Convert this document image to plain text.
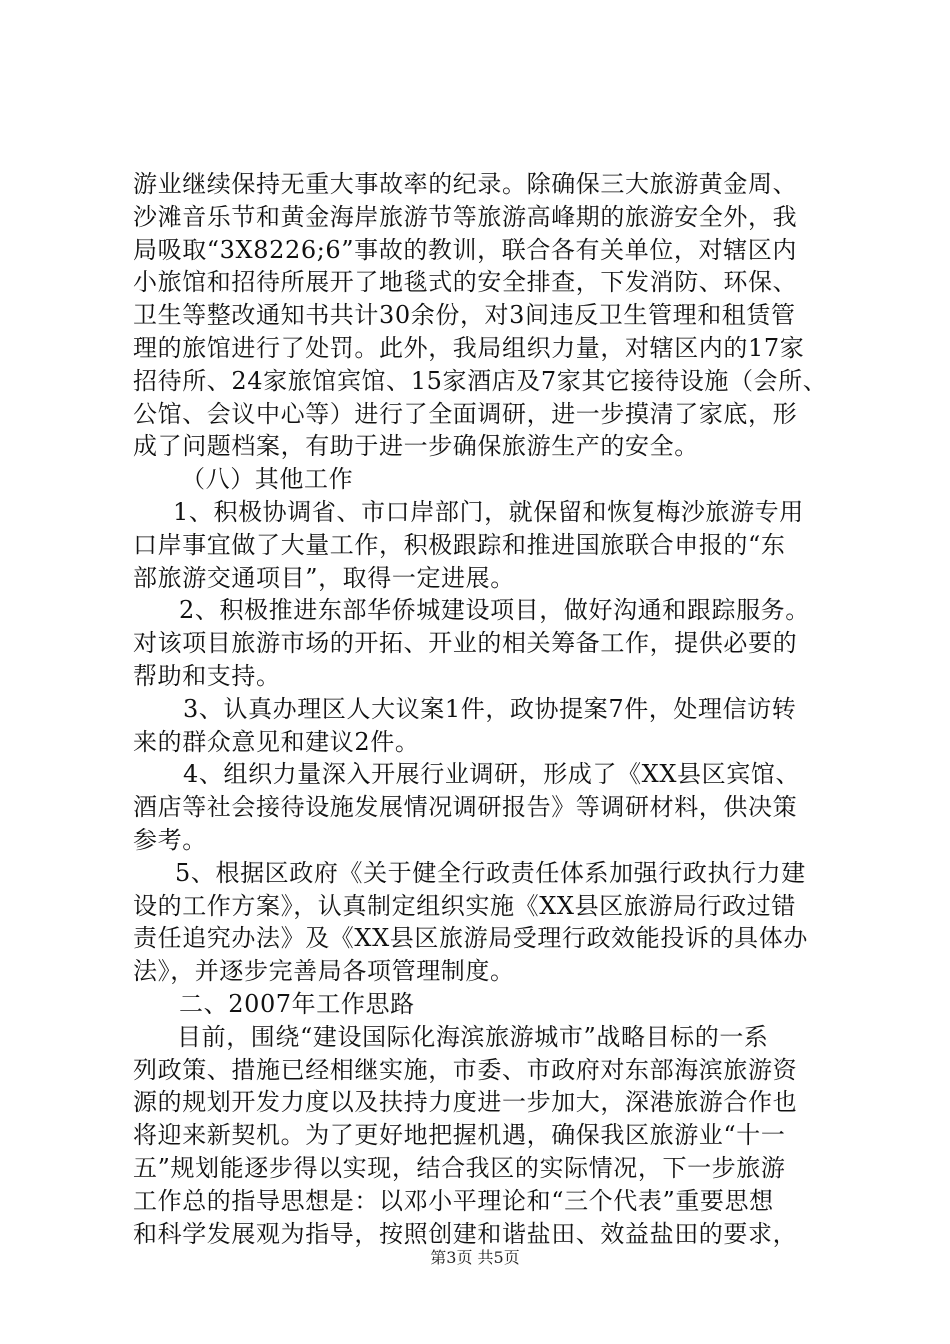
游业继续保持无重大事故率的纪录。除确保三大旅游黄金周、
沙滩音乐节和黄金海岸旅游节等旅游高峰期的旅游安全外，我
局吸取“3X8226;6”事故的教训，联合各有关单位，对辖区内
小旅馆和招待所展开了地毯式的安全排查，下发消防、环保、
卫生等整改通知书共计30余份，对3间违反卫生管理和租赁管
理的旅馆进行了处罚。此外，我局组织力量，对辖区内的17家
招待所、24家旅馆宾馆、15家酒店及7家其它接待设施（会所、
公馆、会议中心等）进行了全面调研，进一步摸清了家底，形
成了问题档案，有助于进一步确保旅游生产的安全。
（八）其他工作
1、积极协调省、市口岸部门，就保留和恢复梅沙旅游专用
口岸事宜做了大量工作，积极跟踪和推进国旅联合申报的“东
部旅游交通项目”，取得一定进展。
2、积极推进东部华侨城建设项目，做好沟通和跟踪服务。
对该项目旅游市场的开拓、开业的相关筹备工作，提供必要的
帮助和支持。
3、认真办理区人大议案1件，政协提案7件，处理信访转
来的群众意见和建议2件。
4、组织力量深入开展行业调研，形成了《XX县区宾馆、
酒店等社会接待设施发展情况调研报告》等调研材料，供决策
参考。
5、根据区政府《关于健全行政责任体系加强行政执行力建
设的工作方案》，认真制定组织实施《XX县区旅游局行政过错
责任追究办法》及《XX县区旅游局受理行政效能投诉的具体办
法》，并逐步完善局各项管理制度。
二、2007年工作思路
目前，围绕“建设国际化海滨旅游城市”战略目标的一系
列政策、措施已经相继实施，市委、市政府对东部海滨旅游资
源的规划开发力度以及扶持力度进一步加大，深港旅游合作也
将迎来新契机。为了更好地把握机遇，确保我区旅游业“十一
五”规划能逐步得以实现，结合我区的实际情况，下一步旅游
工作总的指导思想是：以邓小平理论和“三个代表”重要思想
和科学发展观为指导，按照创建和谐盐田、效益盐田的要求，
第3页 共5页
